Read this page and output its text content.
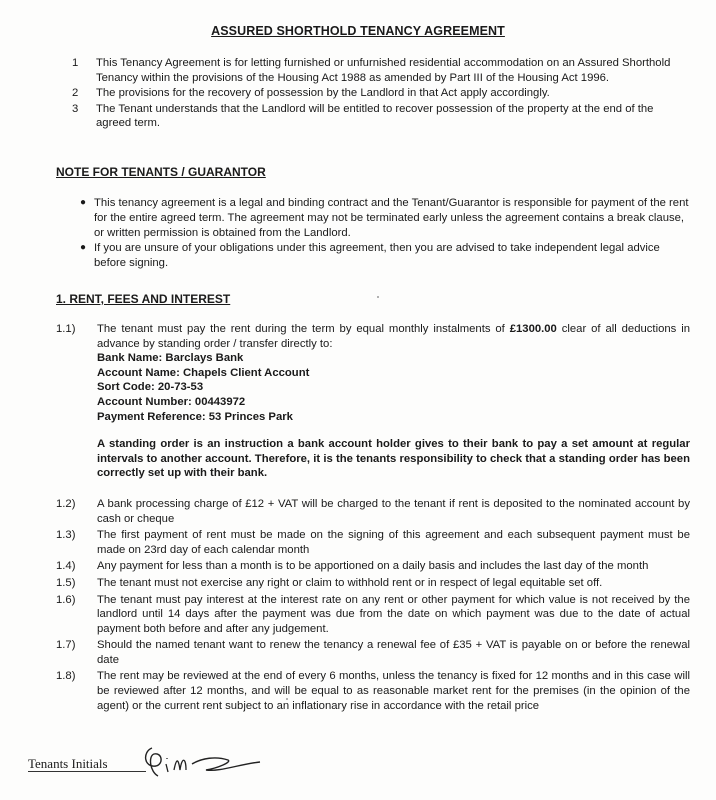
ASSURED SHORTHOLD TENANCY AGREEMENT
1	This Tenancy Agreement is for letting furnished or unfurnished residential accommodation on an Assured Shorthold Tenancy within the provisions of the Housing Act 1988 as amended by Part III of the Housing Act 1996.
2	The provisions for the recovery of possession by the Landlord in that Act apply accordingly.
3	The Tenant understands that the Landlord will be entitled to recover possession of the property at the end of the agreed term.
NOTE FOR TENANTS / GUARANTOR
● This tenancy agreement is a legal and binding contract and the Tenant/Guarantor is responsible for payment of the rent for the entire agreed term. The agreement may not be terminated early unless the agreement contains a break clause, or written permission is obtained from the Landlord.
● If you are unsure of your obligations under this agreement, then you are advised to take independent legal advice before signing.
1. RENT, FEES AND INTEREST
1.1)	The tenant must pay the rent during the term by equal monthly instalments of £1300.00 clear of all deductions in advance by standing order / transfer directly to:
Bank Name: Barclays Bank
Account Name: Chapels Client Account
Sort Code: 20-73-53
Account Number: 00443972
Payment Reference: 53 Princes Park
A standing order is an instruction a bank account holder gives to their bank to pay a set amount at regular intervals to another account. Therefore, it is the tenants responsibility to check that a standing order has been correctly set up with their bank.
1.2)	A bank processing charge of £12 + VAT will be charged to the tenant if rent is deposited to the nominated account by cash or cheque
1.3)	The first payment of rent must be made on the signing of this agreement and each subsequent payment must be made on 23rd day of each calendar month
1.4)	Any payment for less than a month is to be apportioned on a daily basis and includes the last day of the month
1.5)	The tenant must not exercise any right or claim to withhold rent or in respect of legal equitable set off.
1.6)	The tenant must pay interest at the interest rate on any rent or other payment for which value is not received by the landlord until 14 days after the payment was due from the date on which payment was due to the date of actual payment both before and after any judgement.
1.7)	Should the named tenant want to renew the tenancy a renewal fee of £35 + VAT is payable on or before the renewal date
1.8)	The rent may be reviewed at the end of every 6 months, unless the tenancy is fixed for 12 months and in this case will be reviewed after 12 months, and will be equal to as reasonable market rent for the premises (in the opinion of the agent) or the current rent subject to an inflationary rise in accordance with the retail price
Tenants Initials
